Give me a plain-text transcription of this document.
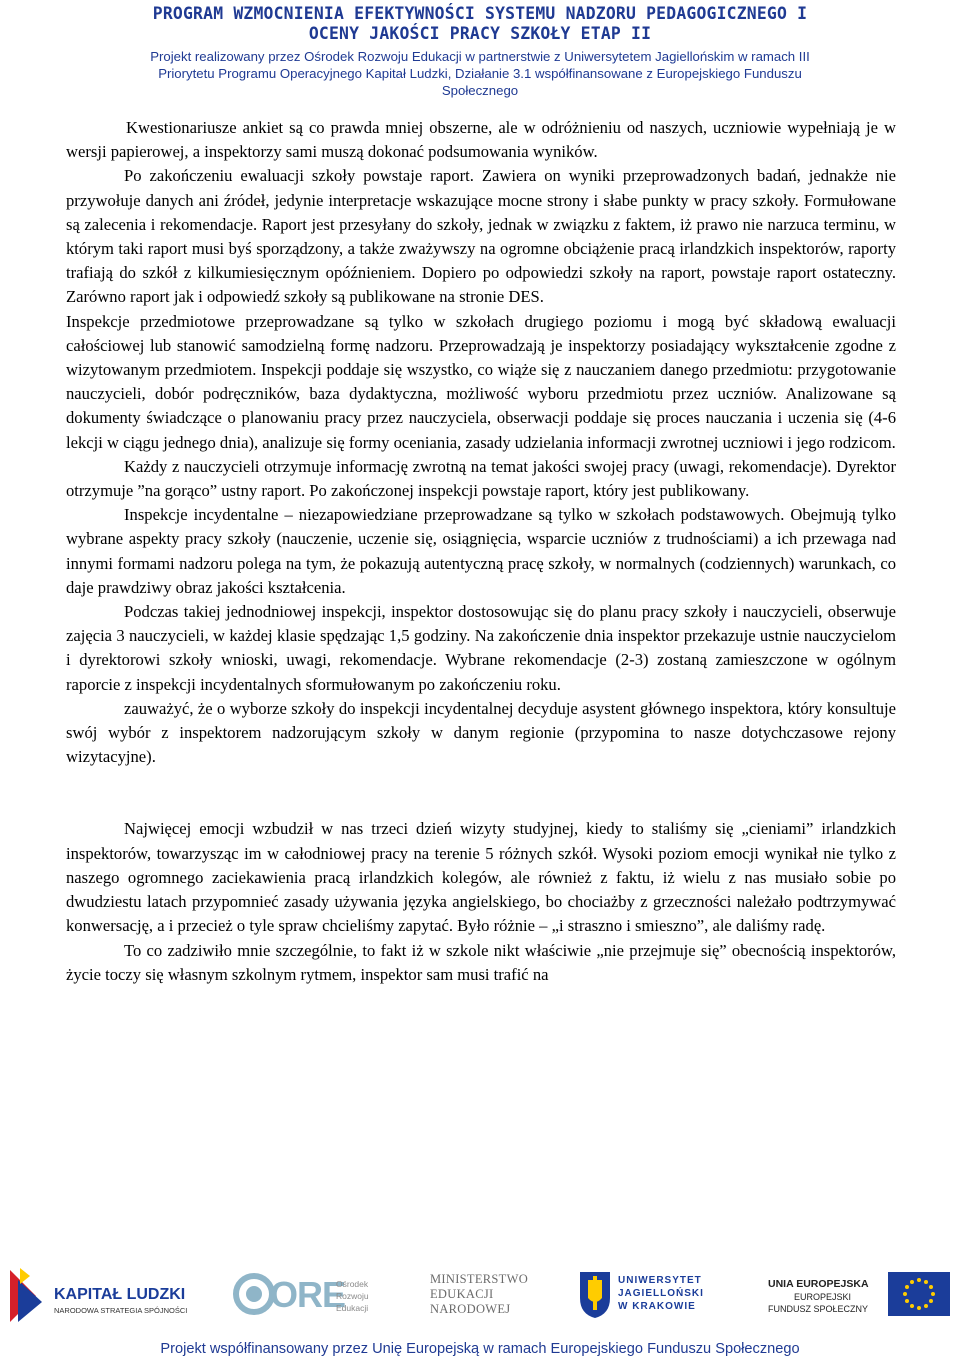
PROGRAM WZMOCNIENIA EFEKTYWNOŚCI SYSTEMU NADZORU PEDAGOGICZNEGO I
OCENY JAKOŚCI PRACY SZKOŁY ETAP II
Projekt realizowany przez Ośrodek Rozwoju Edukacji w partnerstwie z Uniwersytetem Jagiellońskim w ramach III
Priorytetu Programu Operacyjnego Kapitał Ludzki, Działanie 3.1 współfinansowane z Europejskiego Funduszu
Społecznego

Kwestionariusze ankiet są co prawda mniej obszerne, ale w odróżnieniu od naszych, uczniowie wypełniają je w wersji papierowej, a inspektorzy sami muszą dokonać podsumowania wyników.

Po zakończeniu ewaluacji szkoły powstaje raport. Zawiera on wyniki przeprowadzonych badań, jednakże nie przywołuje danych ani źródeł, jedynie interpretacje wskazujące mocne strony i słabe punkty w pracy szkoły. Formułowane są zalecenia i rekomendacje. Raport jest przesyłany do szkoły, jednak w związku z faktem, iż prawo nie narzuca terminu, w którym taki raport musi byś sporządzony, a także zważywszy na ogromne obciążenie pracą irlandzkich inspektorów, raporty trafiają do szkół z kilkumiesięcznym opóźnieniem. Dopiero po odpowiedzi szkoły na raport, powstaje raport ostateczny. Zarówno raport jak i odpowiedź szkoły są publikowane na stronie DES.

Inspekcje przedmiotowe przeprowadzane są tylko w szkołach drugiego poziomu i mogą być składową ewaluacji całościowej lub stanowić samodzielną formę nadzoru. Przeprowadzają je inspektorzy posiadający wykształcenie zgodne z wizytowanym przedmiotem. Inspekcji poddaje się wszystko, co wiąże się z nauczaniem danego przedmiotu: przygotowanie nauczycieli, dobór podręczników, baza dydaktyczna, możliwość wyboru przedmiotu przez uczniów. Analizowane są dokumenty świadczące o planowaniu pracy przez nauczyciela, obserwacji poddaje się proces nauczania i uczenia się (4-6 lekcji w ciągu jednego dnia), analizuje się formy oceniania, zasady udzielania informacji zwrotnej uczniowi i jego rodzicom.

Każdy z nauczycieli otrzymuje informację zwrotną na temat jakości swojej pracy (uwagi, rekomendacje). Dyrektor otrzymuje ”na gorąco” ustny raport. Po zakończonej inspekcji powstaje raport, który jest publikowany.

Inspekcje incydentalne – niezapowiedziane przeprowadzane są tylko w szkołach podstawowych. Obejmują tylko wybrane aspekty pracy szkoły (nauczenie, uczenie się, osiągnięcia, wsparcie uczniów z trudnościami) a ich przewaga nad innymi formami nadzoru polega na tym, że pokazują autentyczną pracę szkoły, w normalnych (codziennych) warunkach, co daje prawdziwy obraz jakości kształcenia.

Podczas takiej jednodniowej inspekcji, inspektor dostosowując się do planu pracy szkoły i nauczycieli, obserwuje zajęcia 3 nauczycieli, w każdej klasie spędzając 1,5 godziny. Na zakończenie dnia inspektor przekazuje ustnie nauczycielom i dyrektorowi szkoły wnioski, uwagi, rekomendacje. Wybrane rekomendacje (2-3) zostaną zamieszczone w ogólnym raporcie z inspekcji incydentalnych sformułowanym po zakończeniu roku.

zauważyć, że o wyborze szkoły do inspekcji incydentalnej decyduje asystent głównego inspektora, który konsultuje swój wybór z inspektorem nadzorującym szkoły w danym regionie (przypomina to nasze dotychczasowe rejony wizytacyjne).

Najwięcej emocji wzbudził w nas trzeci dzień wizyty studyjnej, kiedy to staliśmy się „cieniami” irlandzkich inspektorów, towarzysząc im w całodniowej pracy na terenie 5 różnych szkół. Wysoki poziom emocji wynikał nie tylko z naszego ogromnego zaciekawienia pracą irlandzkich kolegów, ale również z faktu, iż wielu z nas musiało sobie po dwudziestu latach przypomnieć zasady używania języka angielskiego, bo chociażby z grzeczności należało podtrzymywać konwersację, a i przecież o tyle spraw chcieliśmy zapytać. Było różnie – „i straszno i smieszno”, ale daliśmy radę.

To co zadziwiło mnie szczególnie, to fakt iż w szkole nikt właściwie „nie przejmuje się” obecnością inspektorów, życie toczy się własnym szkolnym rytmem, inspektor sam musi trafić na

KAPITAŁ LUDZKI
NARODOWA STRATEGIA SPÓJNOŚCI ORE
Ośrodek
Rozwoju
Edukacji
MINISTERSTWO
EDUKACJI
NARODOWEJ
UNIWERSYTET
JAGIELLOŃSKI
W KRAKOWIE
UNIA EUROPEJSKA
EUROPEJSKI
FUNDUSZ SPOŁECZNY
Projekt współfinansowany przez Unię Europejską w ramach Europejskiego Funduszu Społecznego
